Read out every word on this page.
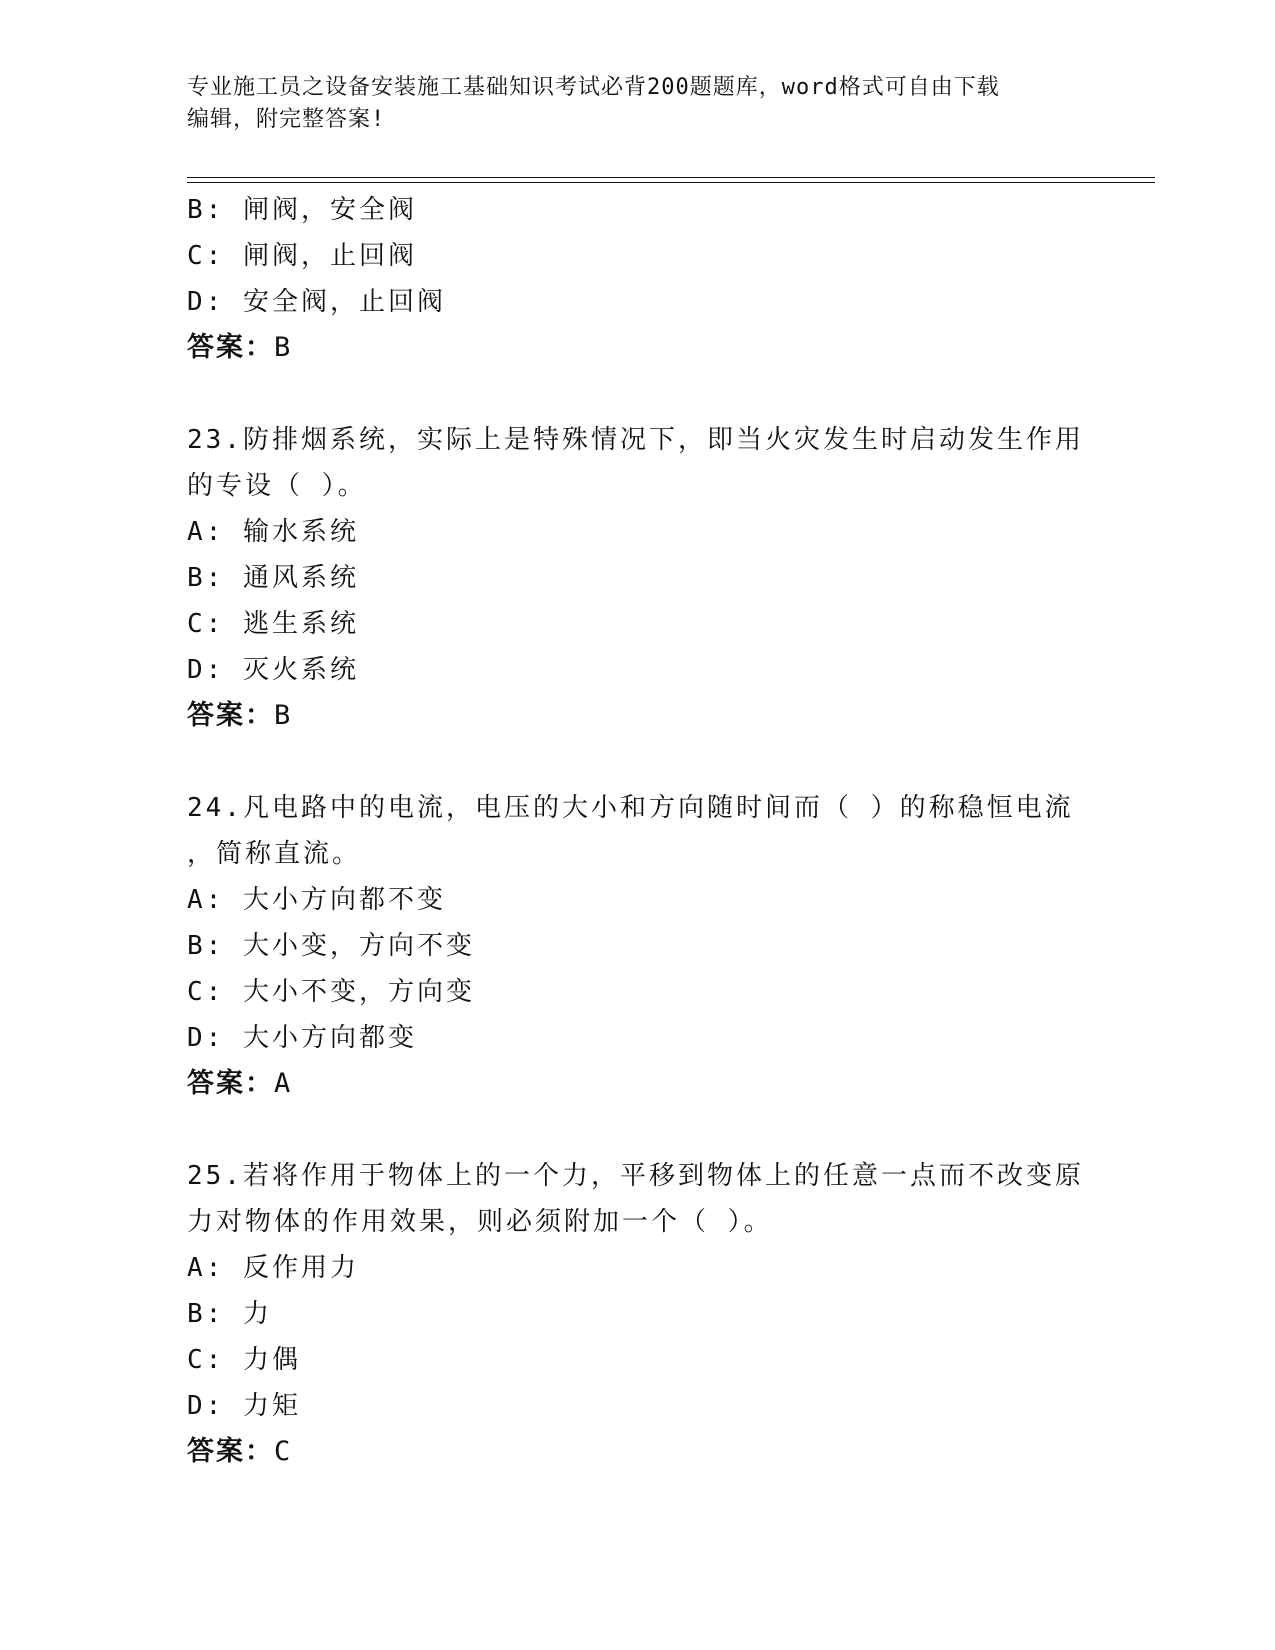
专业施工员之设备安装施工基础知识考试必背200题题库，word格式可自由下载
编辑，附完整答案!

B: 闸阀，安全阀

C: 闸阀，止回阀

D: 安全阀，止回阀

答案：B

23.防排烟系统，实际上是特殊情况下，即当火灾发生时启动发生作用

的专设（ ）。

A: 输水系统

B: 通风系统

C: 逃生系统

D: 灭火系统

答案：B

24.凡电路中的电流，电压的大小和方向随时间而（ ）的称稳恒电流

，简称直流。

A: 大小方向都不变

B: 大小变，方向不变

C: 大小不变，方向变

D: 大小方向都变

答案：A

25.若将作用于物体上的一个力，平移到物体上的任意一点而不改变原

力对物体的作用效果，则必须附加一个（ ）。

A: 反作用力

B: 力

C: 力偶

D: 力矩

答案：C
